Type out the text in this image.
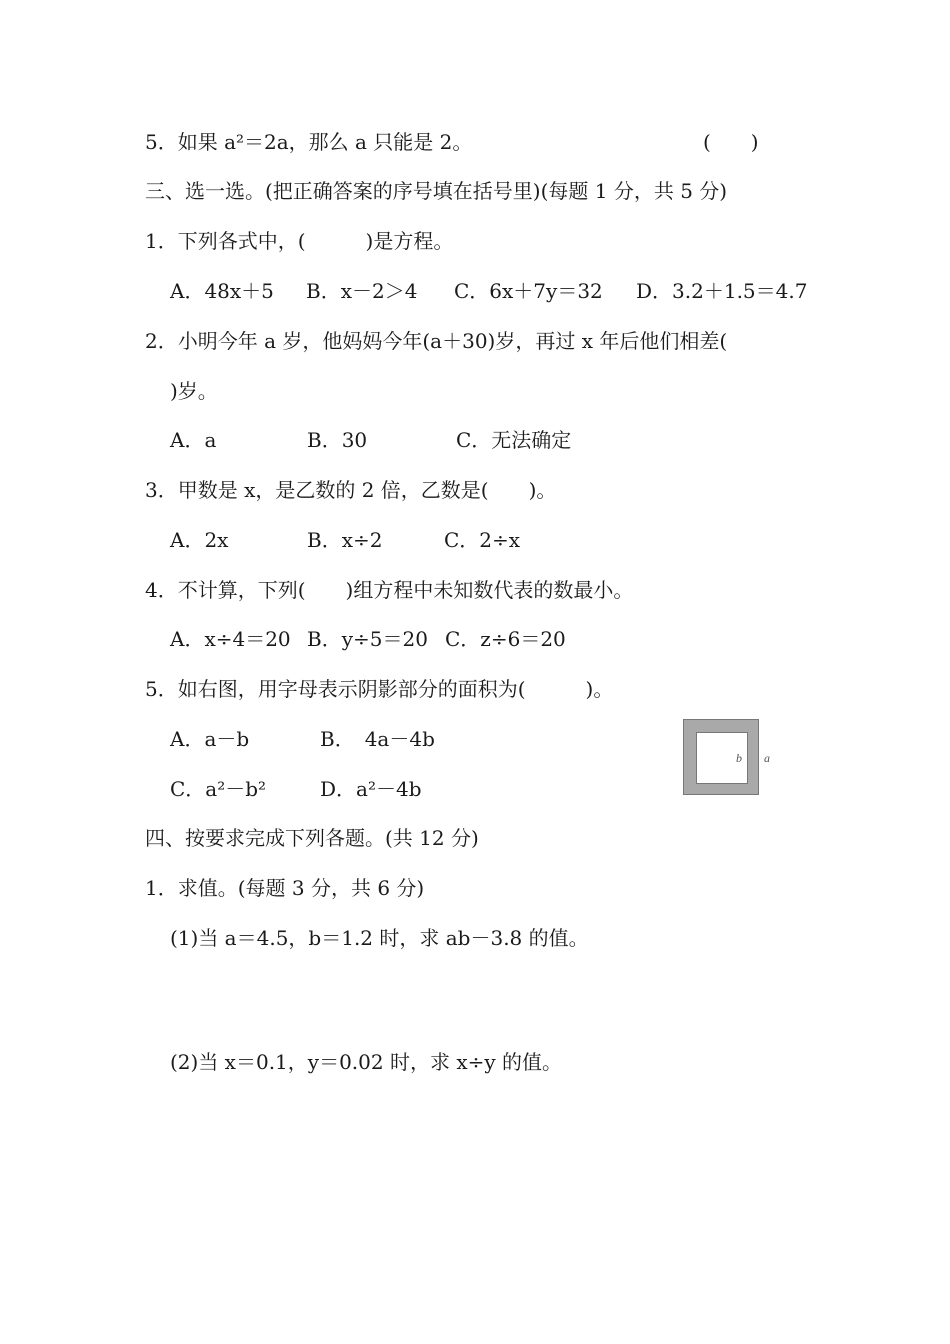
5．如果 a²＝2a，那么 a 只能是 2。	(　　)
三、选一选。(把正确答案的序号填在括号里)(每题 1 分，共 5 分)
1．下列各式中，(　　　)是方程。
A．48x＋5 B．x－2＞4 C．6x＋7y＝32 D．3.2＋1.5＝4.7
2．小明今年 a 岁，他妈妈今年(a＋30)岁，再过 x 年后他们相差(
)岁。
A．a	B．30	C．无法确定
3．甲数是 x，是乙数的 2 倍，乙数是(　　)。
A．2x	B．x÷2	C．2÷x
4．不计算，下列(　　)组方程中未知数代表的数最小。
A．x÷4＝20 B．y÷5＝20 C．z÷6＝20
5．如右图，用字母表示阴影部分的面积为(　　　)。
A．a－b	B．　4a－4b
C．a²－b²	D．a²－4b
b a
四、按要求完成下列各题。(共 12 分)
1．求值。(每题 3 分，共 6 分)
(1)当 a＝4.5，b＝1.2 时，求 ab－3.8 的值。
(2)当 x＝0.1，y＝0.02 时，求 x÷y 的值。
